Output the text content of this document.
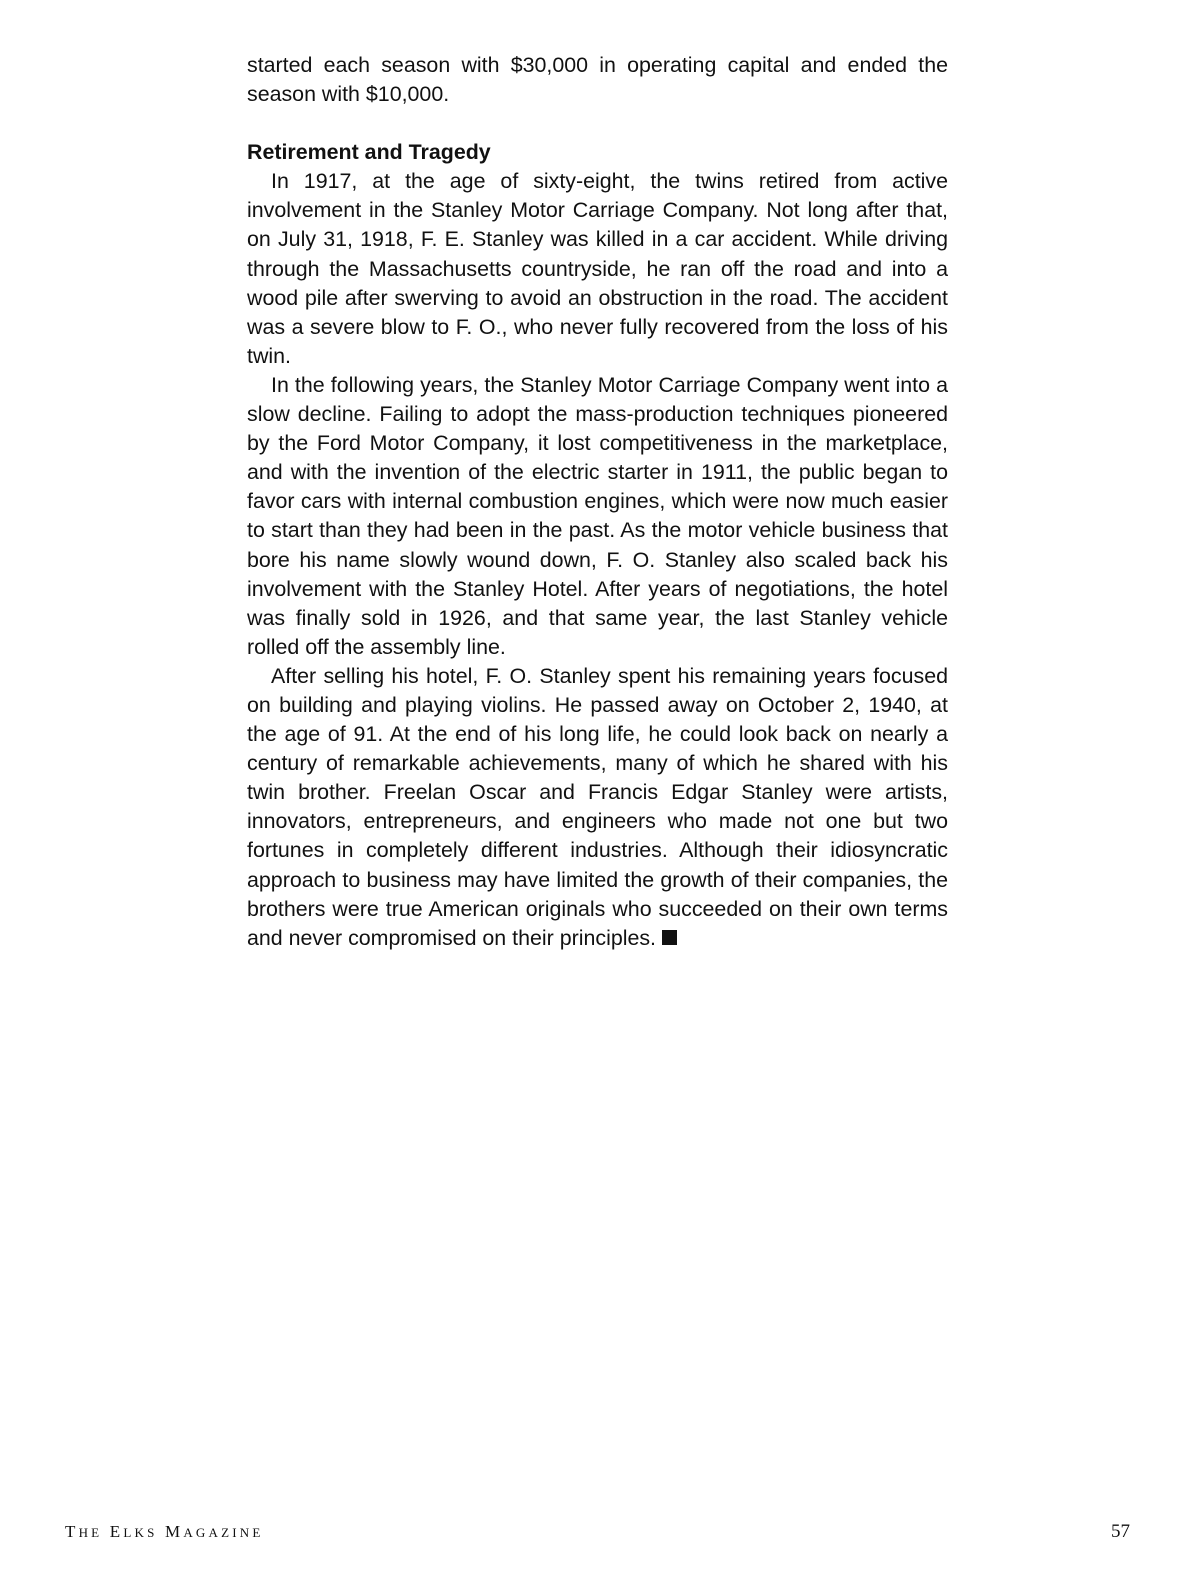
started each season with $30,000 in operating capital and ended the season with $10,000.

Retirement and Tragedy

In 1917, at the age of sixty-eight, the twins retired from active involvement in the Stanley Motor Carriage Company. Not long after that, on July 31, 1918, F. E. Stanley was killed in a car accident. While driving through the Massachusetts countryside, he ran off the road and into a wood pile after swerving to avoid an obstruction in the road. The accident was a severe blow to F. O., who never fully recovered from the loss of his twin.

In the following years, the Stanley Motor Carriage Company went into a slow decline. Failing to adopt the mass-production techniques pioneered by the Ford Motor Company, it lost competitiveness in the marketplace, and with the invention of the electric starter in 1911, the public began to favor cars with internal combustion engines, which were now much easier to start than they had been in the past. As the motor vehicle business that bore his name slowly wound down, F. O. Stanley also scaled back his involvement with the Stanley Hotel. After years of negotiations, the hotel was finally sold in 1926, and that same year, the last Stanley vehicle rolled off the assembly line.

After selling his hotel, F. O. Stanley spent his remaining years focused on building and playing violins. He passed away on October 2, 1940, at the age of 91. At the end of his long life, he could look back on nearly a century of remarkable achievements, many of which he shared with his twin brother. Freelan Oscar and Francis Edgar Stanley were artists, innovators, entrepreneurs, and engineers who made not one but two fortunes in completely different industries. Although their idiosyncratic approach to business may have limited the growth of their companies, the brothers were true American originals who succeeded on their own terms and never compromised on their principles.

THE ELKS MAGAZINE	57
